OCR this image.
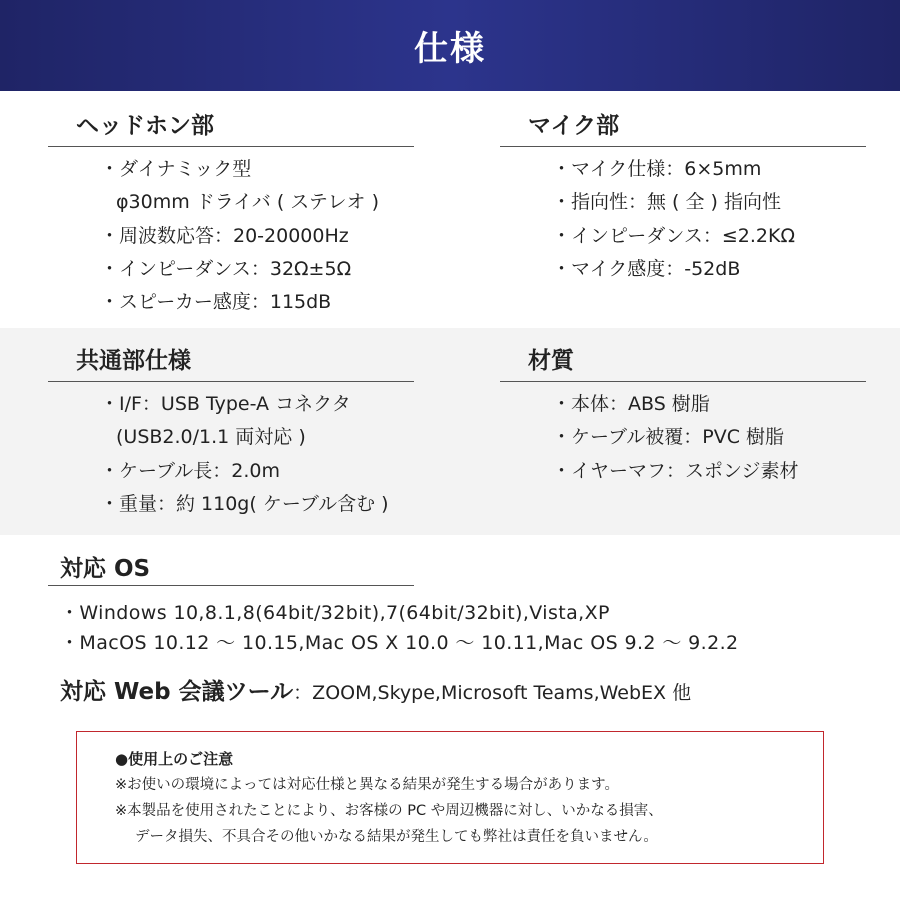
仕様
ヘッドホン部
・ダイナミック型
φ30mm ドライバ ( ステレオ )
・周波数応答：20-20000Hz
・インピーダンス：32Ω±5Ω
・スピーカー感度：115dB
マイク部
・マイク仕様：6×5mm
・指向性：無 ( 全 ) 指向性
・インピーダンス：≤2.2KΩ
・マイク感度：-52dB
共通部仕様
・I/F：USB Type-A コネクタ
(USB2.0/1.1 両対応 )
・ケーブル長：2.0m
・重量：約 110g( ケーブル含む )
材質
・本体：ABS 樹脂
・ケーブル被覆：PVC 樹脂
・イヤーマフ：スポンジ素材
対応 OS
・Windows 10,8.1,8(64bit/32bit),7(64bit/32bit),Vista,XP
・MacOS 10.12 ～ 10.15,Mac OS X 10.0 ～ 10.11,Mac OS 9.2 ～ 9.2.2
対応 Web 会議ツール：ZOOM,Skype,Microsoft Teams,WebEX 他
●使用上のご注意
※お使いの環境によっては対応仕様と異なる結果が発生する場合があります。
※本製品を使用されたことにより、お客様の PC や周辺機器に対し、いかなる損害、
データ損失、不具合その他いかなる結果が発生しても弊社は責任を負いません。
